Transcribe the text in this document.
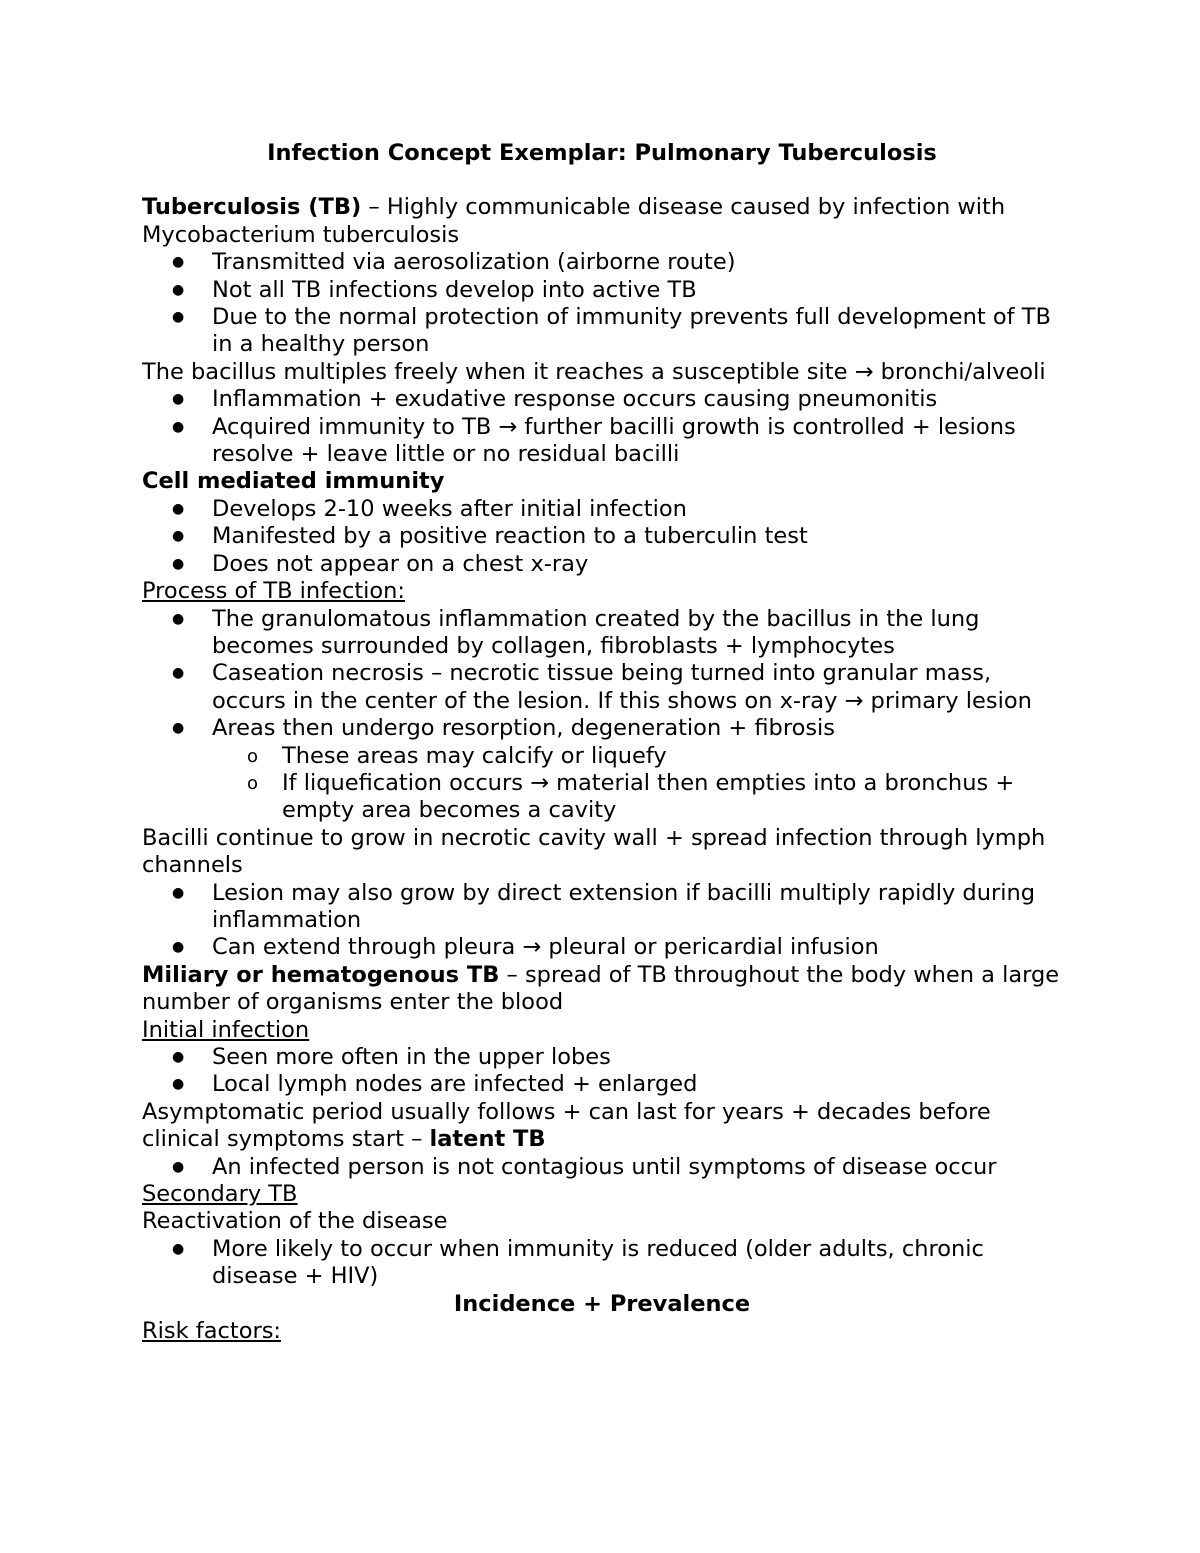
Infection Concept Exemplar: Pulmonary Tuberculosis

Tuberculosis (TB) – Highly communicable disease caused by infection with Mycobacterium tuberculosis

● Transmitted via aerosolization (airborne route)
● Not all TB infections develop into active TB
● Due to the normal protection of immunity prevents full development of TB in a healthy person

The bacillus multiples freely when it reaches a susceptible site → bronchi/alveoli

● Inflammation + exudative response occurs causing pneumonitis
● Acquired immunity to TB → further bacilli growth is controlled + lesions resolve + leave little or no residual bacilli

Cell mediated immunity

● Develops 2-10 weeks after initial infection
● Manifested by a positive reaction to a tuberculin test
● Does not appear on a chest x-ray

Process of TB infection:

● The granulomatous inflammation created by the bacillus in the lung becomes surrounded by collagen, fibroblasts + lymphocytes
● Caseation necrosis – necrotic tissue being turned into granular mass, occurs in the center of the lesion. If this shows on x-ray → primary lesion
● Areas then undergo resorption, degeneration + fibrosis
o These areas may calcify or liquefy
o If liquefication occurs → material then empties into a bronchus + empty area becomes a cavity

Bacilli continue to grow in necrotic cavity wall + spread infection through lymph channels

● Lesion may also grow by direct extension if bacilli multiply rapidly during inflammation
● Can extend through pleura → pleural or pericardial infusion

Miliary or hematogenous TB – spread of TB throughout the body when a large number of organisms enter the blood

Initial infection

● Seen more often in the upper lobes
● Local lymph nodes are infected + enlarged

Asymptomatic period usually follows + can last for years + decades before clinical symptoms start – latent TB

● An infected person is not contagious until symptoms of disease occur

Secondary TB

Reactivation of the disease

● More likely to occur when immunity is reduced (older adults, chronic disease + HIV)

Incidence + Prevalence

Risk factors:
